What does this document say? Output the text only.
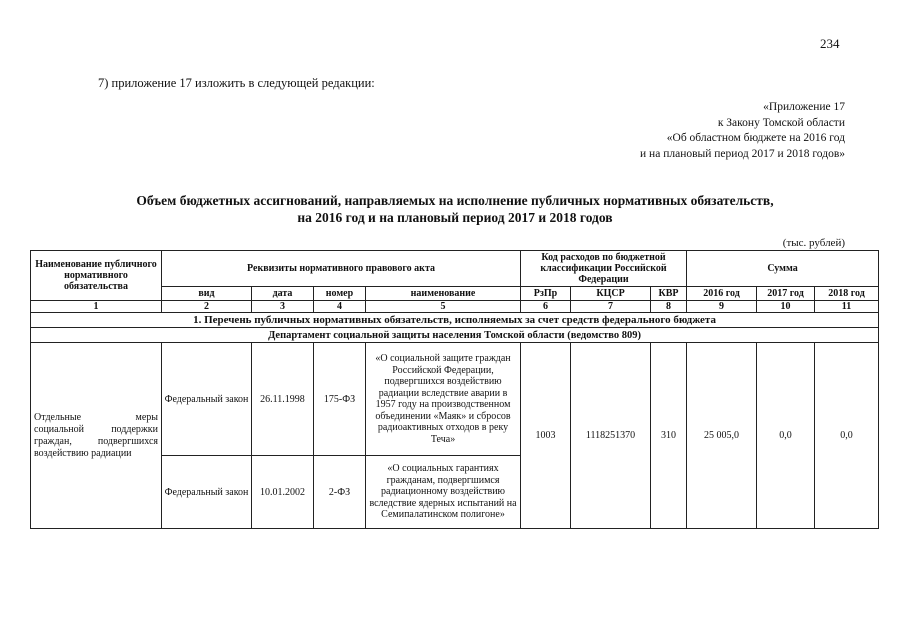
234
7) приложение 17 изложить в следующей редакции:
«Приложение 17
к Закону Томской области
«Об областном бюджете на 2016 год
и на плановый период 2017 и 2018 годов»
Объем бюджетных ассигнований, направляемых на исполнение публичных нормативных обязательств,
на 2016 год и на плановый период 2017 и 2018 годов
(тыс. рублей)
Наименование публичного нормативного обязательства	Реквизиты нормативного правового акта				Код расходов по бюджетной классификации Российской Федерации			Сумма		
	вид	дата	номер	наименование	РзПр	КЦСР	КВР	2016 год	2017 год	2018 год
1	2	3	4	5	6	7	8	9	10	11
1. Перечень публичных нормативных обязательств, исполняемых за счет средств федерального бюджета										
Департамент социальной защиты населения Томской области (ведомство 809)										

Отдельные меры
социальной поддержки
граждан, подвергшихся
воздействию радиации	Федеральный закон	26.11.1998	175-ФЗ	«О социальной защите граждан Российской Федерации, подвергшихся воздействию радиации вследствие аварии в 1957 году на производственном объединении «Маяк» и сбросов радиоактивных отходов в реку Теча»	1003	1118251370	310	25 005,0	0,0	0,0
	Федеральный закон	10.01.2002	2-ФЗ	«О социальных гарантиях гражданам, подвергшимся радиационному воздействию вследствие ядерных испытаний на Семипалатинском полигоне»						
